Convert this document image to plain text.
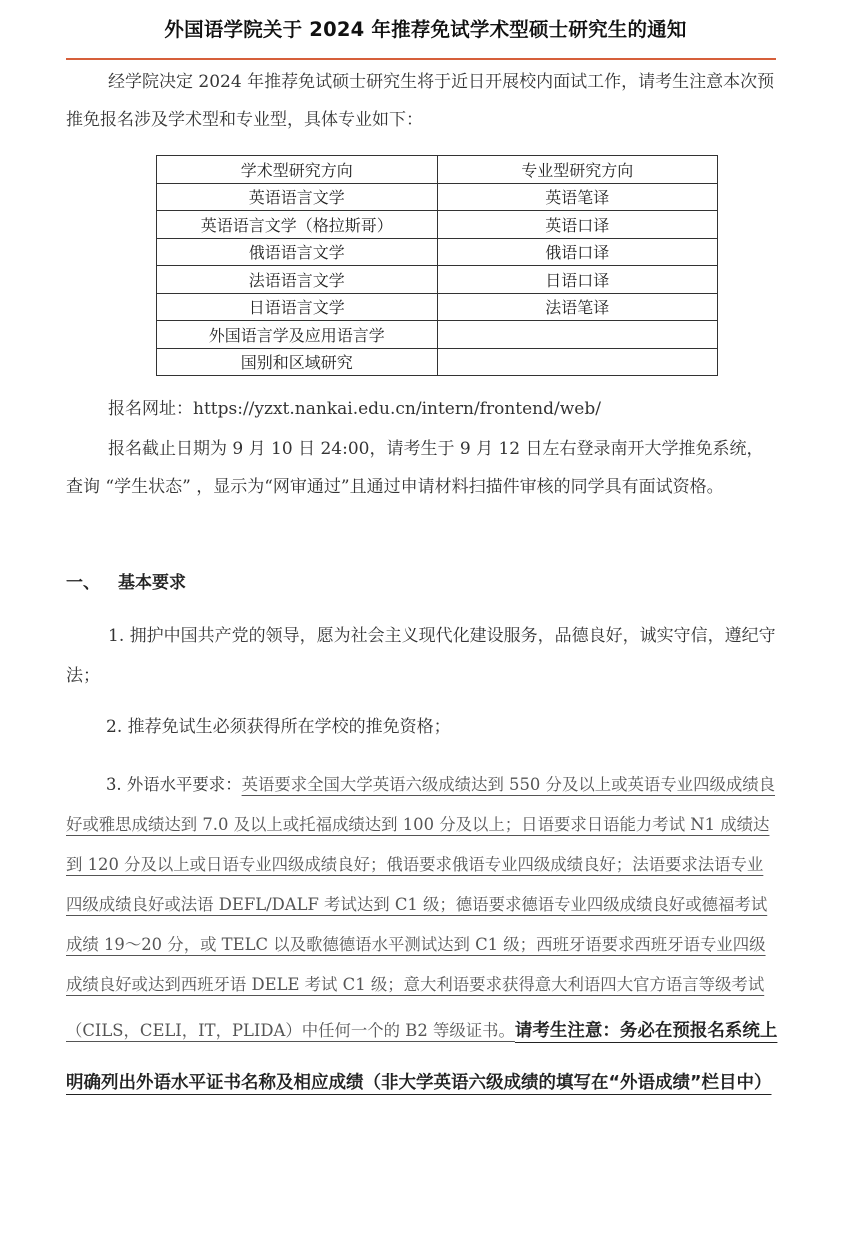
外国语学院关于 2024 年推荐免试学术型硕士研究生的通知
经学院决定 2024 年推荐免试硕士研究生将于近日开展校内面试工作，请考生注意本次预推免报名涉及学术型和专业型，具体专业如下：
学术型研究方向	专业型研究方向
英语语言文学	英语笔译
英语语言文学（格拉斯哥）	英语口译
俄语语言文学	俄语口译
法语语言文学	日语口译
日语语言文学	法语笔译
外国语言学及应用语言学	
国别和区域研究	
报名网址：https://yzxt.nankai.edu.cn/intern/frontend/web/
报名截止日期为 9 月 10 日 24:00，请考生于 9 月 12 日左右登录南开大学推免系统，查询 “学生状态” ，显示为“网审通过”且通过申请材料扫描件审核的同学具有面试资格。
一、 基本要求
1. 拥护中国共产党的领导，愿为社会主义现代化建设服务，品德良好，诚实守信，遵纪守法；
2. 推荐免试生必须获得所在学校的推免资格；
3. 外语水平要求：英语要求全国大学英语六级成绩达到 550 分及以上或英语专业四级成绩良好或雅思成绩达到 7.0 及以上或托福成绩达到 100 分及以上；日语要求日语能力考试 N1 成绩达到 120 分及以上或日语专业四级成绩良好；俄语要求俄语专业四级成绩良好；法语要求法语专业四级成绩良好或法语 DEFL/DALF 考试达到 C1 级；德语要求德语专业四级成绩良好或德福考试成绩 19～20 分，或 TELC 以及歌德德语水平测试达到 C1 级；西班牙语要求西班牙语专业四级成绩良好或达到西班牙语 DELE 考试 C1 级；意大利语要求获得意大利语四大官方语言等级考试（CILS，CELI，IT，PLIDA）中任何一个的 B2 等级证书。请考生注意：务必在预报名系统上明确列出外语水平证书名称及相应成绩（非大学英语六级成绩的填写在“外语成绩”栏目中）
